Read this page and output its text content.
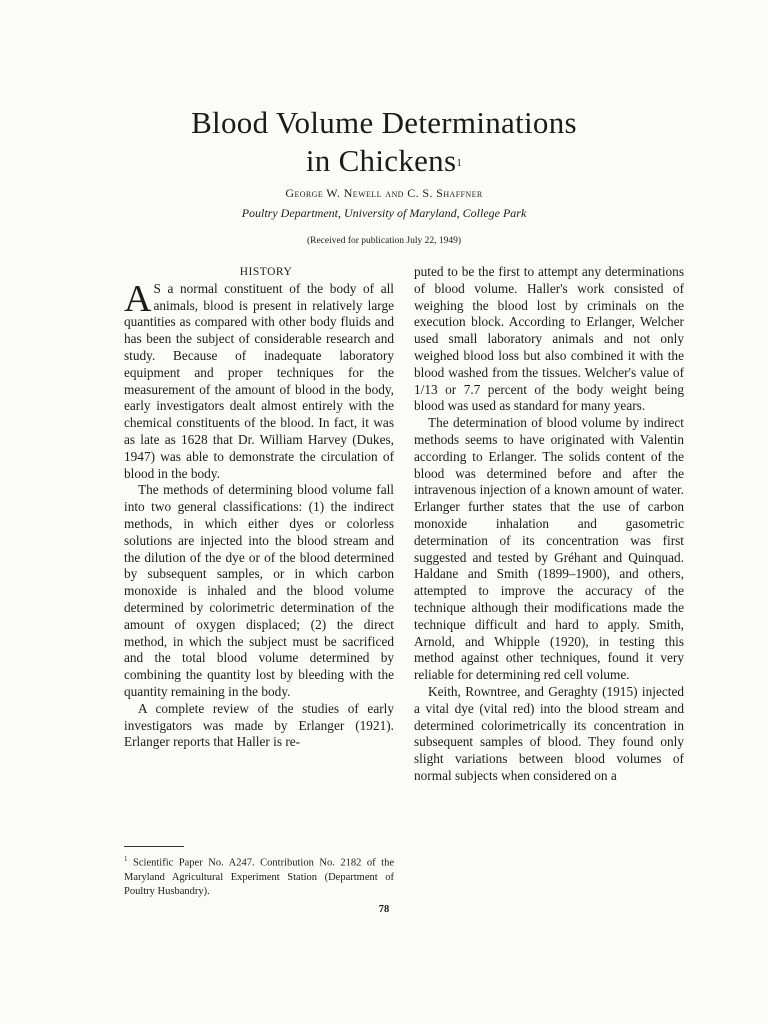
Blood Volume Determinations
in Chickens$^1$
George W. Newell and C. S. Shaffner
Poultry Department, University of Maryland, College Park
(Received for publication July 22, 1949)

HISTORY

A S a normal constituent of the body of all animals, blood is present in relatively large quantities as compared with other body fluids and has been the subject of considerable research and study. Because of inadequate laboratory equipment and proper techniques for the measurement of the amount of blood in the body, early investigators dealt almost entirely with the chemical constituents of the blood. In fact, it was as late as 1628 that Dr. William Harvey (Dukes, 1947) was able to demonstrate the circulation of blood in the body.

The methods of determining blood volume fall into two general classifications: (1) the indirect methods, in which either dyes or colorless solutions are injected into the blood stream and the dilution of the dye or of the blood determined by subsequent samples, or in which carbon monoxide is inhaled and the blood volume determined by colorimetric determination of the amount of oxygen displaced; (2) the direct method, in which the subject must be sacrificed and the total blood volume determined by combining the quantity lost by bleeding with the quantity remaining in the body.

A complete review of the studies of early investigators was made by Erlanger (1921). Erlanger reports that Haller is re-

puted to be the first to attempt any determinations of blood volume. Haller's work consisted of weighing the blood lost by criminals on the execution block. According to Erlanger, Welcher used small laboratory animals and not only weighed blood loss but also combined it with the blood washed from the tissues. Welcher's value of 1/13 or 7.7 percent of the body weight being blood was used as standard for many years.

The determination of blood volume by indirect methods seems to have originated with Valentin according to Erlanger. The solids content of the blood was determined before and after the intravenous injection of a known amount of water. Erlanger further states that the use of carbon monoxide inhalation and gasometric determination of its concentration was first suggested and tested by Gréhant and Quinquad. Haldane and Smith (1899–1900), and others, attempted to improve the accuracy of the technique although their modifications made the technique difficult and hard to apply. Smith, Arnold, and Whipple (1920), in testing this method against other techniques, found it very reliable for determining red cell volume.

Keith, Rowntree, and Geraghty (1915) injected a vital dye (vital red) into the blood stream and determined colorimetrically its concentration in subsequent samples of blood. They found only slight variations between blood volumes of normal subjects when considered on a

$^1$ Scientific Paper No. A247. Contribution No. 2182 of the Maryland Agricultural Experiment Station (Department of Poultry Husbandry).
78
